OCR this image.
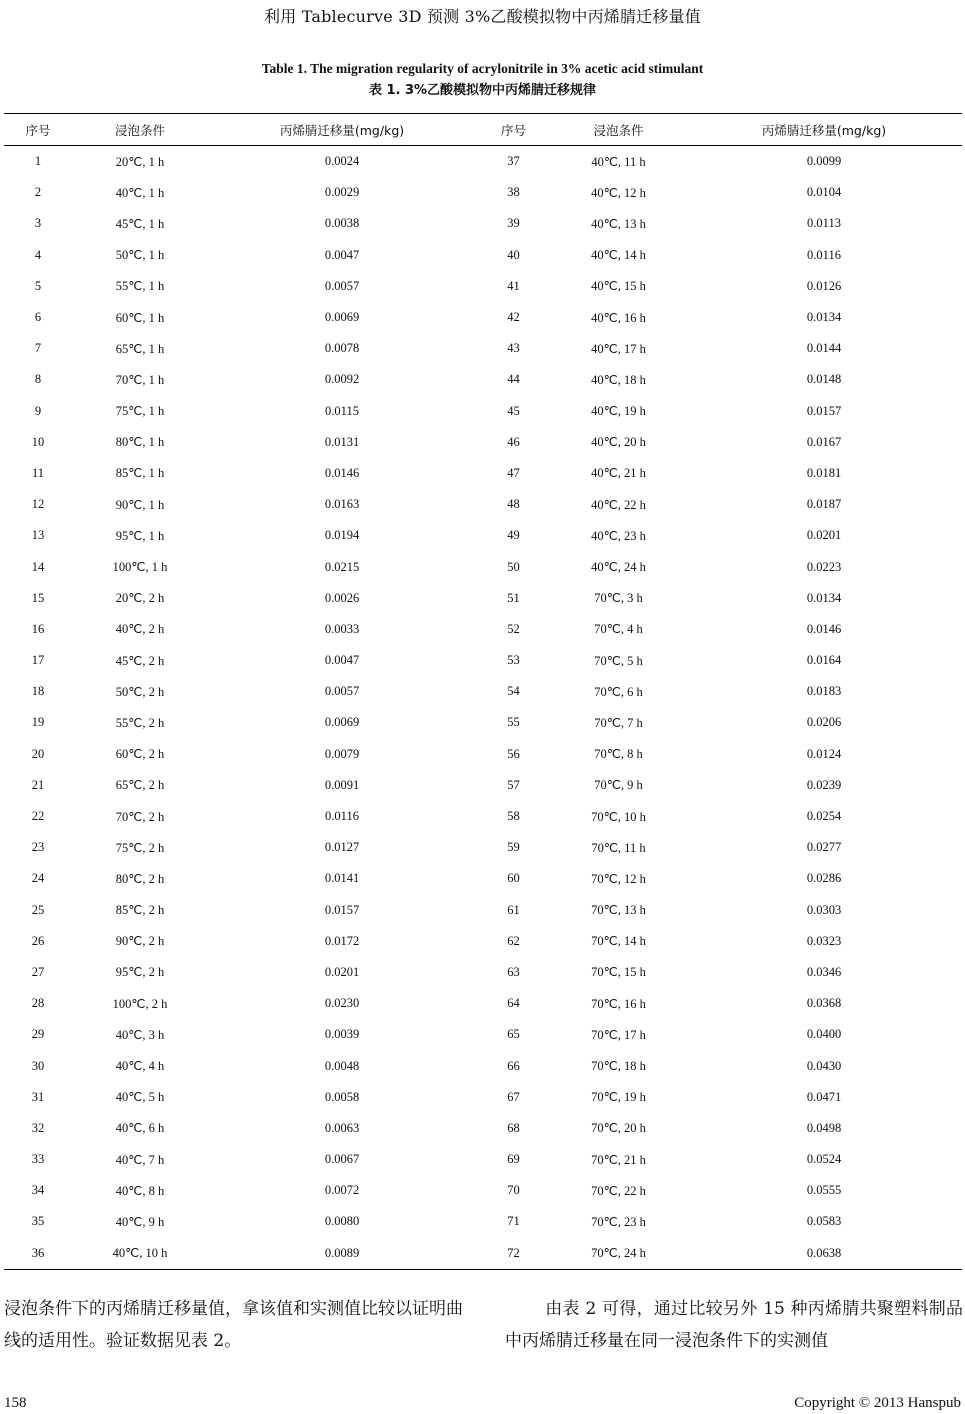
利用 Tablecurve 3D 预测 3%乙酸模拟物中丙烯腈迁移量值
Table 1. The migration regularity of acrylonitrile in 3% acetic acid stimulant
表 1. 3%乙酸模拟物中丙烯腈迁移规律
序号	浸泡条件	丙烯腈迁移量(mg/kg)	序号	浸泡条件	丙烯腈迁移量(mg/kg)
1	20℃, 1 h	0.0024	37	40℃, 11 h	0.0099
2	40℃, 1 h	0.0029	38	40℃, 12 h	0.0104
3	45℃, 1 h	0.0038	39	40℃, 13 h	0.0113
4	50℃, 1 h	0.0047	40	40℃, 14 h	0.0116
5	55℃, 1 h	0.0057	41	40℃, 15 h	0.0126
6	60℃, 1 h	0.0069	42	40℃, 16 h	0.0134
7	65℃, 1 h	0.0078	43	40℃, 17 h	0.0144
8	70℃, 1 h	0.0092	44	40℃, 18 h	0.0148
9	75℃, 1 h	0.0115	45	40℃, 19 h	0.0157
10	80℃, 1 h	0.0131	46	40℃, 20 h	0.0167
11	85℃, 1 h	0.0146	47	40℃, 21 h	0.0181
12	90℃, 1 h	0.0163	48	40℃, 22 h	0.0187
13	95℃, 1 h	0.0194	49	40℃, 23 h	0.0201
14	100℃, 1 h	0.0215	50	40℃, 24 h	0.0223
15	20℃, 2 h	0.0026	51	70℃, 3 h	0.0134
16	40℃, 2 h	0.0033	52	70℃, 4 h	0.0146
17	45℃, 2 h	0.0047	53	70℃, 5 h	0.0164
18	50℃, 2 h	0.0057	54	70℃, 6 h	0.0183
19	55℃, 2 h	0.0069	55	70℃, 7 h	0.0206
20	60℃, 2 h	0.0079	56	70℃, 8 h	0.0124
21	65℃, 2 h	0.0091	57	70℃, 9 h	0.0239
22	70℃, 2 h	0.0116	58	70℃, 10 h	0.0254
23	75℃, 2 h	0.0127	59	70℃, 11 h	0.0277
24	80℃, 2 h	0.0141	60	70℃, 12 h	0.0286
25	85℃, 2 h	0.0157	61	70℃, 13 h	0.0303
26	90℃, 2 h	0.0172	62	70℃, 14 h	0.0323
27	95℃, 2 h	0.0201	63	70℃, 15 h	0.0346
28	100℃, 2 h	0.0230	64	70℃, 16 h	0.0368
29	40℃, 3 h	0.0039	65	70℃, 17 h	0.0400
30	40℃, 4 h	0.0048	66	70℃, 18 h	0.0430
31	40℃, 5 h	0.0058	67	70℃, 19 h	0.0471
32	40℃, 6 h	0.0063	68	70℃, 20 h	0.0498
33	40℃, 7 h	0.0067	69	70℃, 21 h	0.0524
34	40℃, 8 h	0.0072	70	70℃, 22 h	0.0555
35	40℃, 9 h	0.0080	71	70℃, 23 h	0.0583
36	40℃, 10 h	0.0089	72	70℃, 24 h	0.0638
浸泡条件下的丙烯腈迁移量值，拿该值和实测值比较以证明曲线的适用性。验证数据见表 2。
由表 2 可得，通过比较另外 15 种丙烯腈共聚塑料制品中丙烯腈迁移量在同一浸泡条件下的实测值
158	Copyright © 2013 Hanspub
